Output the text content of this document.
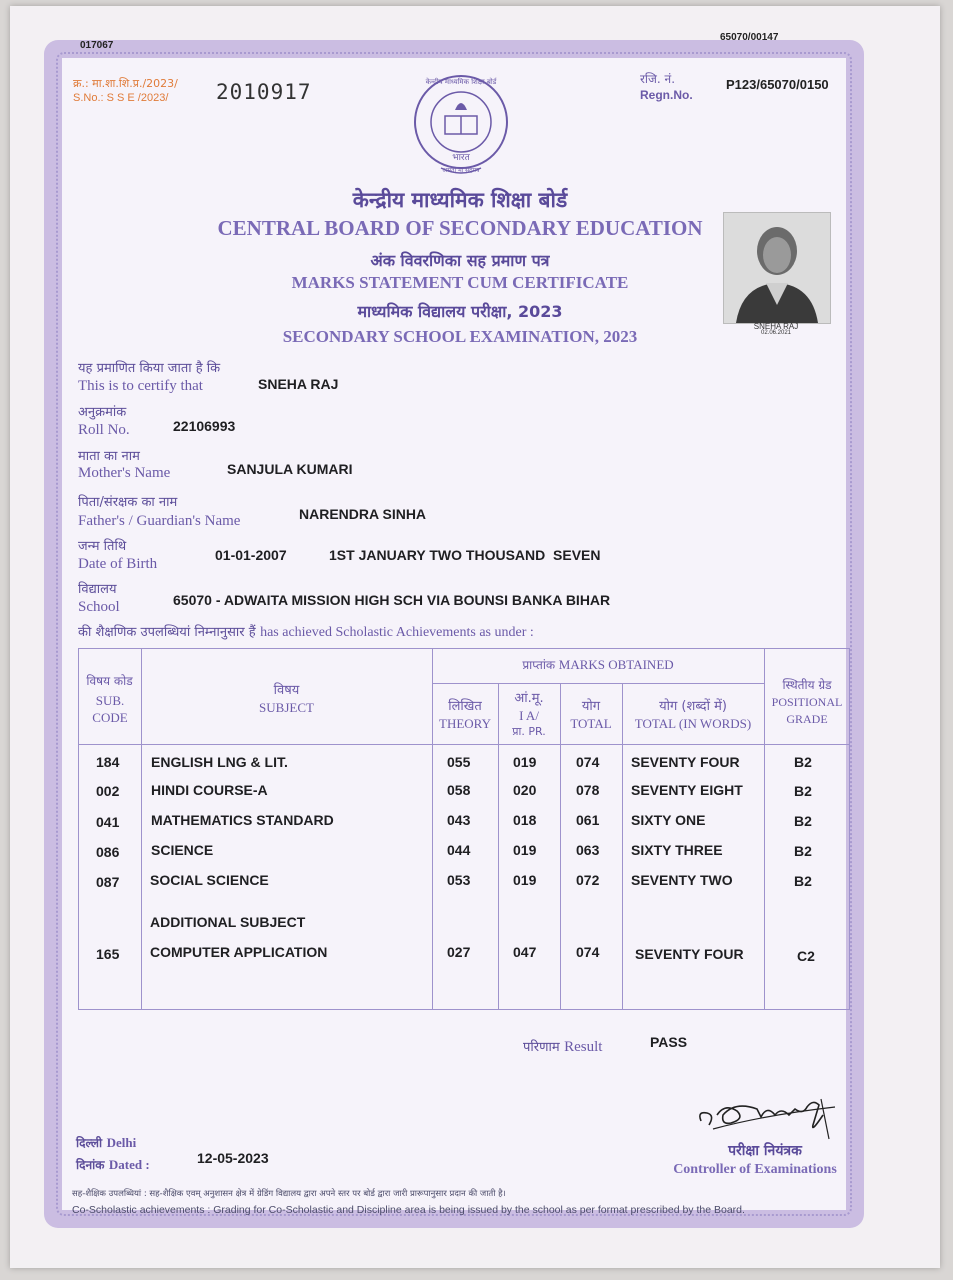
017067
65070/00147
क्र.: मा.शा.शि.प्र./2023/
S.No.: S S E /2023/ 2010917
रजि. नं.
Regn.No.
P123/65070/0150
केन्द्रीय माध्यमिक शिक्षा बोर्ड
भारत
असतो मा सद्गमय
केन्द्रीय माध्यमिक शिक्षा बोर्ड
CENTRAL BOARD OF SECONDARY EDUCATION
अंक विवरणिका सह प्रमाण पत्र
MARKS STATEMENT CUM CERTIFICATE
माध्यमिक विद्यालय परीक्षा, 2023
SECONDARY SCHOOL EXAMINATION, 2023
SNEHA RAJ
02.06.2021
यह प्रमाणित किया जाता है कि
This is to certify that	SNEHA RAJ
अनुक्रमांक
Roll No.	22106993
माता का नाम
Mother's Name	SANJULA KUMARI
पिता/संरक्षक का नाम
Father's / Guardian's Name	NARENDRA SINHA
जन्म तिथि
Date of Birth
01-01-2007	1ST JANUARY TWO THOUSAND  SEVEN
विद्यालय
School	65070 - ADWAITA MISSION HIGH SCH VIA BOUNSI BANKA BIHAR
की शैक्षणिक उपलब्धियां निम्नानुसार हैं has achieved Scholastic Achievements as under :
विषय कोड
SUB. CODE
विषय
SUBJECT
प्राप्तांक MARKS OBTAINED
लिखित
THEORY
आं.मू.
I A/
प्रा. PR.
योग
TOTAL
योग (शब्दों में)
TOTAL (IN WORDS)
स्थितीय ग्रेड
POSITIONAL GRADE
184 ENGLISH LNG & LIT.	055	019	074 SEVENTY FOUR	B2
002 HINDI COURSE-A	058	020	078 SEVENTY EIGHT	B2
041 MATHEMATICS STANDARD	043	018	061 SIXTY ONE	B2
086 SCIENCE	044	019	063 SIXTY THREE	B2
087 SOCIAL SCIENCE	053	019	072 SEVENTY TWO	B2
ADDITIONAL SUBJECT
165 COMPUTER APPLICATION	027	047	074	SEVENTY FOUR	C2
परिणाम Result	PASS
परीक्षा नियंत्रक
Controller of Examinations
दिल्ली Delhi
दिनांक Dated :	12-05-2023
सह-शैक्षिक उपलब्धियां : सह-शैक्षिक एवम् अनुशासन क्षेत्र में ग्रेडिंग विद्यालय द्वारा अपने स्तर पर बोर्ड द्वारा जारी प्रारूपानुसार प्रदान की जाती है।
Co-Scholastic achievements : Grading for Co-Scholastic and Discipline area is being issued by the school as per format prescribed by the Board.
